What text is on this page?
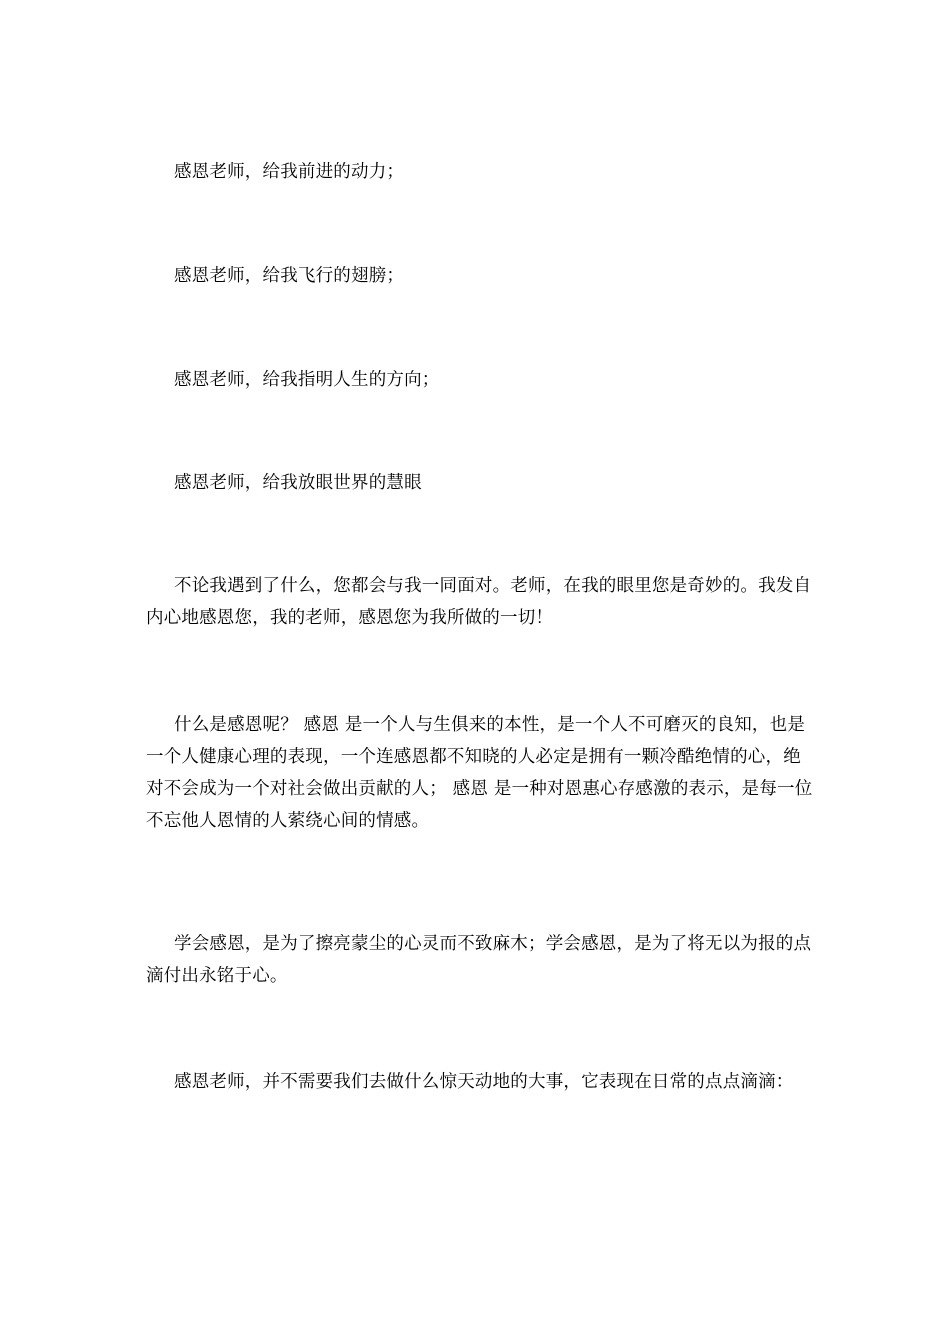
感恩老师，给我前进的动力；

感恩老师，给我飞行的翅膀；

感恩老师，给我指明人生的方向；

感恩老师，给我放眼世界的慧眼

不论我遇到了什么，您都会与我一同面对。老师，在我的眼里您是奇妙的。我发自内心地感恩您，我的老师，感恩您为我所做的一切！

什么是感恩呢？ 感恩 是一个人与生俱来的本性，是一个人不可磨灭的良知，也是一个人健康心理的表现，一个连感恩都不知晓的人必定是拥有一颗冷酷绝情的心，绝对不会成为一个对社会做出贡献的人； 感恩 是一种对恩惠心存感激的表示，是每一位不忘他人恩情的人萦绕心间的情感。

学会感恩，是为了擦亮蒙尘的心灵而不致麻木；学会感恩，是为了将无以为报的点滴付出永铭于心。

感恩老师，并不需要我们去做什么惊天动地的大事，它表现在日常的点点滴滴：
